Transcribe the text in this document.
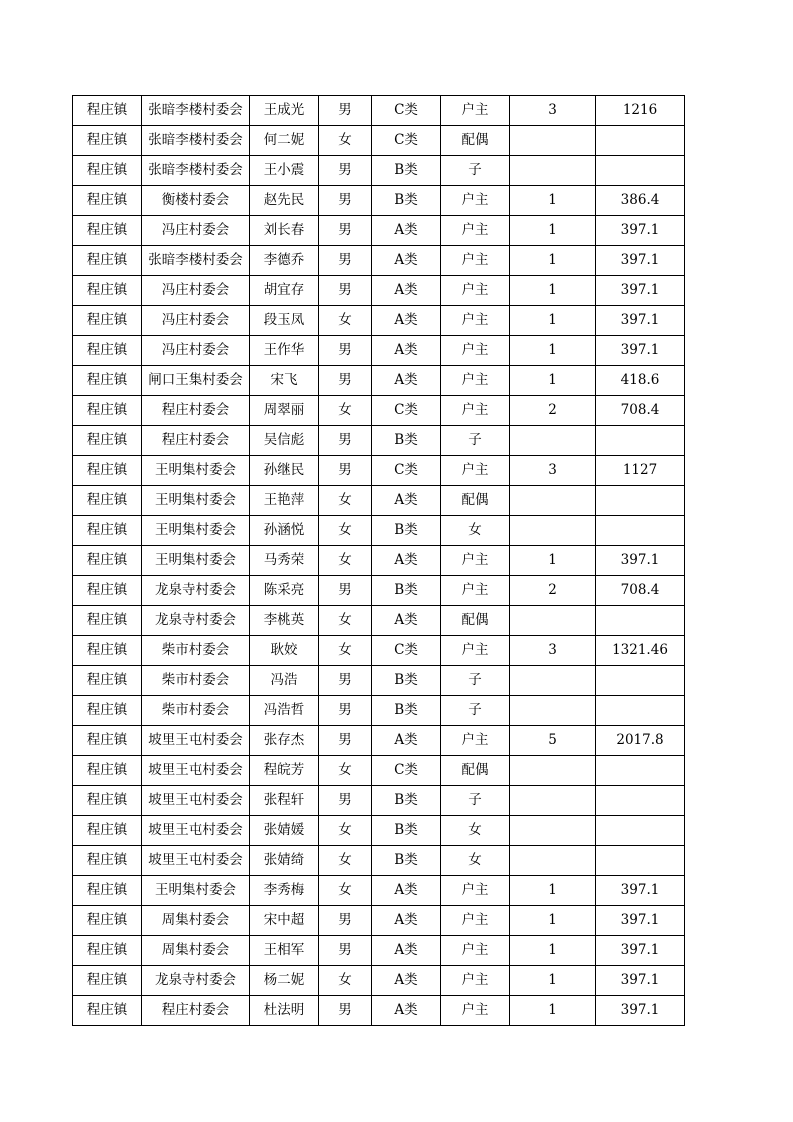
程庄镇	张暗李楼村委会	王成光	男	C类	户主	3	1216
程庄镇	张暗李楼村委会	何二妮	女	C类	配偶		
程庄镇	张暗李楼村委会	王小震	男	B类	子		
程庄镇	衡楼村委会	赵先民	男	B类	户主	1	386.4
程庄镇	冯庄村委会	刘长春	男	A类	户主	1	397.1
程庄镇	张暗李楼村委会	李德乔	男	A类	户主	1	397.1
程庄镇	冯庄村委会	胡宜存	男	A类	户主	1	397.1
程庄镇	冯庄村委会	段玉凤	女	A类	户主	1	397.1
程庄镇	冯庄村委会	王作华	男	A类	户主	1	397.1
程庄镇	闸口王集村委会	宋飞	男	A类	户主	1	418.6
程庄镇	程庄村委会	周翠丽	女	C类	户主	2	708.4
程庄镇	程庄村委会	吴信彪	男	B类	子		
程庄镇	王明集村委会	孙继民	男	C类	户主	3	1127
程庄镇	王明集村委会	王艳萍	女	A类	配偶		
程庄镇	王明集村委会	孙涵悦	女	B类	女		
程庄镇	王明集村委会	马秀荣	女	A类	户主	1	397.1
程庄镇	龙泉寺村委会	陈采亮	男	B类	户主	2	708.4
程庄镇	龙泉寺村委会	李桃英	女	A类	配偶		
程庄镇	柴市村委会	耿姣	女	C类	户主	3	1321.46
程庄镇	柴市村委会	冯浩	男	B类	子		
程庄镇	柴市村委会	冯浩哲	男	B类	子		
程庄镇	坡里王屯村委会	张存杰	男	A类	户主	5	2017.8
程庄镇	坡里王屯村委会	程皖芳	女	C类	配偶		
程庄镇	坡里王屯村委会	张程轩	男	B类	子		
程庄镇	坡里王屯村委会	张婧媛	女	B类	女		
程庄镇	坡里王屯村委会	张婧绮	女	B类	女		
程庄镇	王明集村委会	李秀梅	女	A类	户主	1	397.1
程庄镇	周集村委会	宋中超	男	A类	户主	1	397.1
程庄镇	周集村委会	王相军	男	A类	户主	1	397.1
程庄镇	龙泉寺村委会	杨二妮	女	A类	户主	1	397.1
程庄镇	程庄村委会	杜法明	男	A类	户主	1	397.1
